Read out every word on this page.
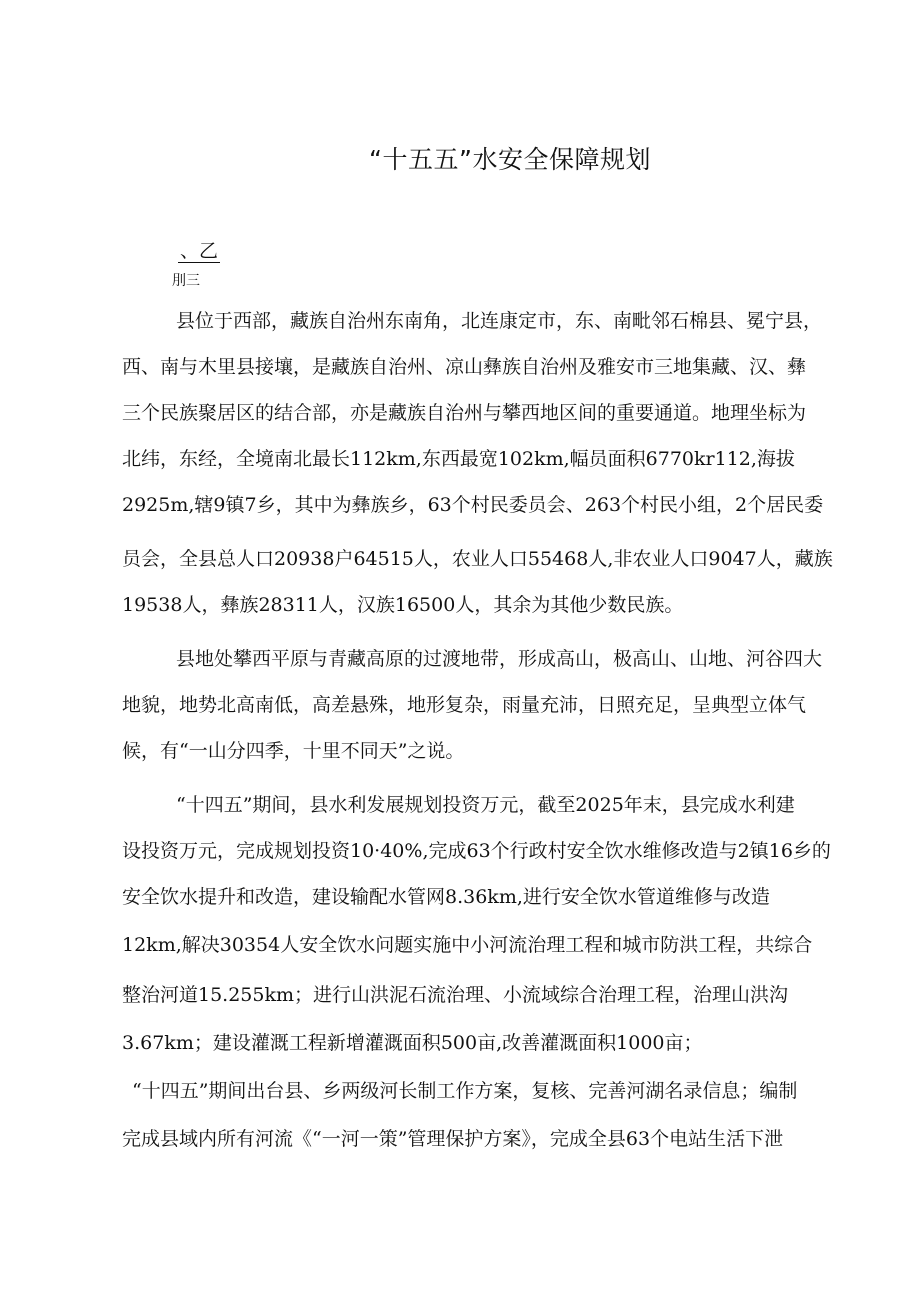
“十五五”水安全保障规划
、乙
刖三
县位于西部，藏族自治州东南角，北连康定市，东、南毗邻石棉县、冕宁县，
西、南与木里县接壤，是藏族自治州、凉山彝族自治州及雅安市三地集藏、汉、彝
三个民族聚居区的结合部，亦是藏族自治州与攀西地区间的重要通道。地理坐标为
北纬，东经，全境南北最长112km,东西最宽102km,幅员面积6770kr112,海拔
2925m,辖9镇7乡，其中为彝族乡，63个村民委员会、263个村民小组，2个居民委
员会，全县总人口20938户64515人，农业人口55468人,非农业人口9047人，藏族
19538人，彝族28311人，汉族16500人，其余为其他少数民族。
县地处攀西平原与青藏高原的过渡地带，形成高山，极高山、山地、河谷四大
地貌，地势北高南低，高差悬殊，地形复杂，雨量充沛，日照充足，呈典型立体气
候，有“一山分四季，十里不同天”之说。
“十四五”期间，县水利发展规划投资万元，截至2025年末，县完成水利建
设投资万元，完成规划投资10·40%,完成63个行政村安全饮水维修改造与2镇16乡的
安全饮水提升和改造，建设输配水管网8.36km,进行安全饮水管道维修与改造
12km,解决30354人安全饮水问题实施中小河流治理工程和城市防洪工程，共综合
整治河道15.255km；进行山洪泥石流治理、小流域综合治理工程，治理山洪沟
3.67km；建设灌溉工程新增灌溉面积500亩,改善灌溉面积1000亩；
“十四五”期间出台县、乡两级河长制工作方案，复核、完善河湖名录信息；编制
完成县域内所有河流《“一河一策”管理保护方案》，完成全县63个电站生活下泄
